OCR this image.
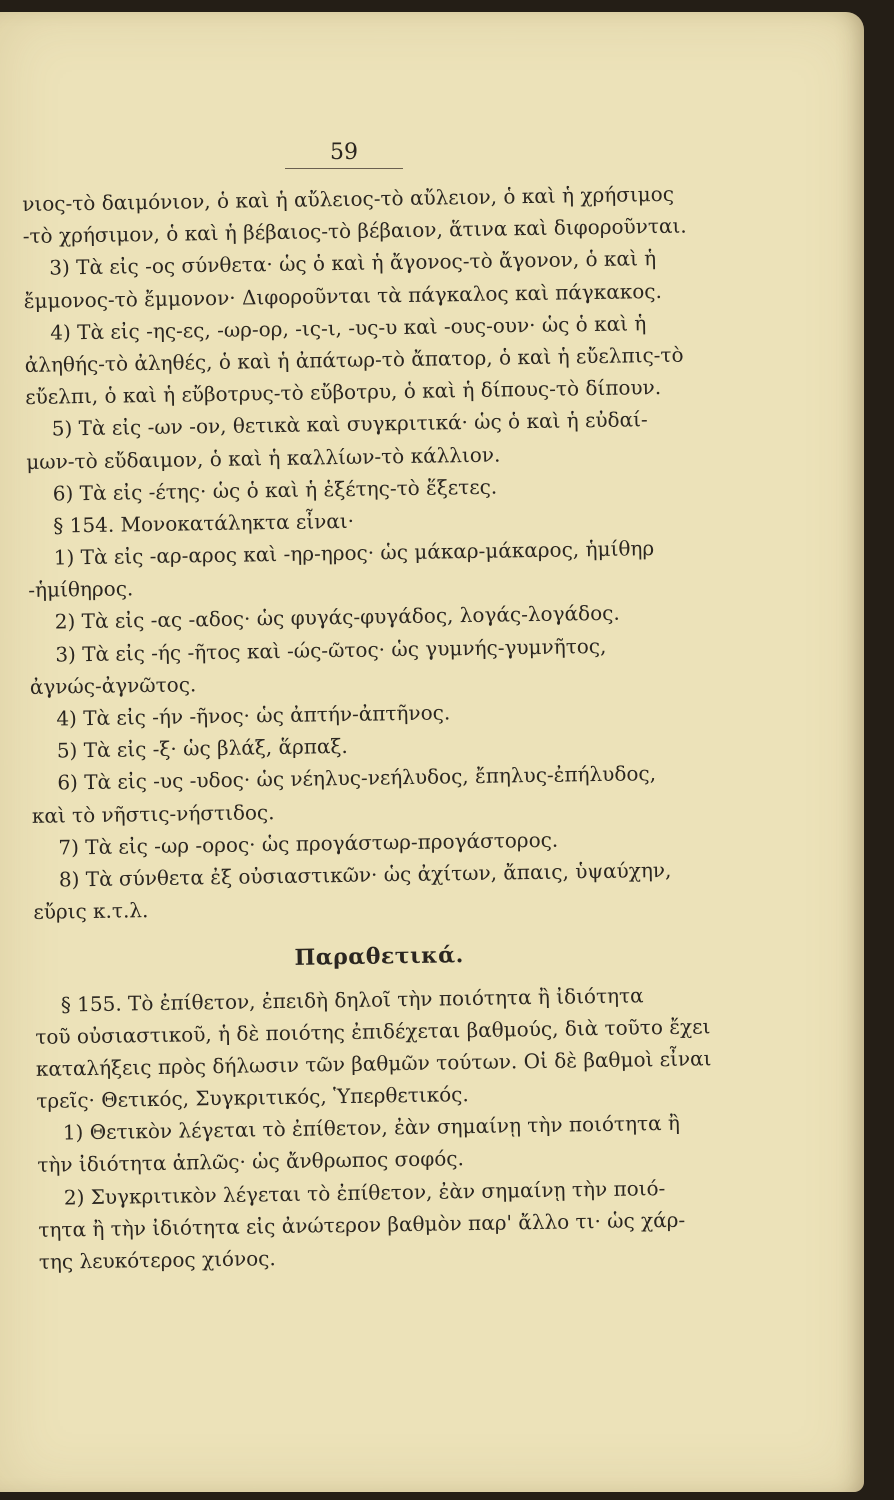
59
νιος-τὸ δαιμόνιον, ὁ καὶ ἡ αὔλειος-τὸ αὔλειον, ὁ καὶ ἡ χρήσιμος
-τὸ χρήσιμον, ὁ καὶ ἡ βέβαιος-τὸ βέβαιον, ἅτινα καὶ διφοροῦνται.
3) Τὰ εἰς -ος σύνθετα· ὡς ὁ καὶ ἡ ἄγονος-τὸ ἄγονον, ὁ καὶ ἡ
ἔμμονος-τὸ ἔμμονον· Διφοροῦνται τὰ πάγκαλος καὶ πάγκακος.
4) Τὰ εἰς -ης-ες, -ωρ-ορ, -ις-ι, -υς-υ καὶ -ους-ουν· ὡς ὁ καὶ ἡ
ἀληθής-τὸ ἀληθές, ὁ καὶ ἡ ἀπάτωρ-τὸ ἄπατορ, ὁ καὶ ἡ εὔελπις-τὸ
εὔελπι, ὁ καὶ ἡ εὔβοτρυς-τὸ εὔβοτρυ, ὁ καὶ ἡ δίπους-τὸ δίπουν.
5) Τὰ εἰς -ων -ον, θετικὰ καὶ συγκριτικά· ὡς ὁ καὶ ἡ εὐδαί-
μων-τὸ εὔδαιμον, ὁ καὶ ἡ καλλίων-τὸ κάλλιον.
6) Τὰ εἰς -έτης· ὡς ὁ καὶ ἡ ἑξέτης-τὸ ἕξετες.
§ 154. Μονοκατάληκτα εἶναι·
1) Τὰ εἰς -αρ-αρος καὶ -ηρ-ηρος· ὡς μάκαρ-μάκαρος, ἡμίθηρ
-ἡμίθηρος.
2) Τὰ εἰς -ας -αδος· ὡς φυγάς-φυγάδος, λογάς-λογάδος.
3) Τὰ εἰς -ής -ῆτος καὶ -ώς-ῶτος· ὡς γυμνής-γυμνῆτος,
ἀγνώς-ἀγνῶτος.
4) Τὰ εἰς -ήν -ῆνος· ὡς ἀπτήν-ἀπτῆνος.
5) Τὰ εἰς -ξ· ὡς βλάξ, ἅρπαξ.
6) Τὰ εἰς -υς -υδος· ὡς νέηλυς-νεήλυδος, ἔπηλυς-ἐπήλυδος,
καὶ τὸ νῆστις-νήστιδος.
7) Τὰ εἰς -ωρ -ορος· ὡς προγάστωρ-προγάστορος.
8) Τὰ σύνθετα ἐξ οὐσιαστικῶν· ὡς ἀχίτων, ἄπαις, ὑψαύχην,
εὔρις κ.τ.λ.
Παραθετικά.
§ 155. Τὸ ἐπίθετον, ἐπειδὴ δηλοῖ τὴν ποιότητα ἢ ἰδιότητα
τοῦ οὐσιαστικοῦ, ἡ δὲ ποιότης ἐπιδέχεται βαθμούς, διὰ τοῦτο ἔχει
καταλήξεις πρὸς δήλωσιν τῶν βαθμῶν τούτων. Οἱ δὲ βαθμοὶ εἶναι
τρεῖς· Θετικός, Συγκριτικός, Ὑπερθετικός.
1) Θετικὸν λέγεται τὸ ἐπίθετον, ἐὰν σημαίνῃ τὴν ποιότητα ἢ
τὴν ἰδιότητα ἁπλῶς· ὡς ἄνθρωπος σοφός.
2) Συγκριτικὸν λέγεται τὸ ἐπίθετον, ἐὰν σημαίνῃ τὴν ποιό-
τητα ἢ τὴν ἰδιότητα εἰς ἀνώτερον βαθμὸν παρ' ἄλλο τι· ὡς χάρ-
της λευκότερος χιόνος.
